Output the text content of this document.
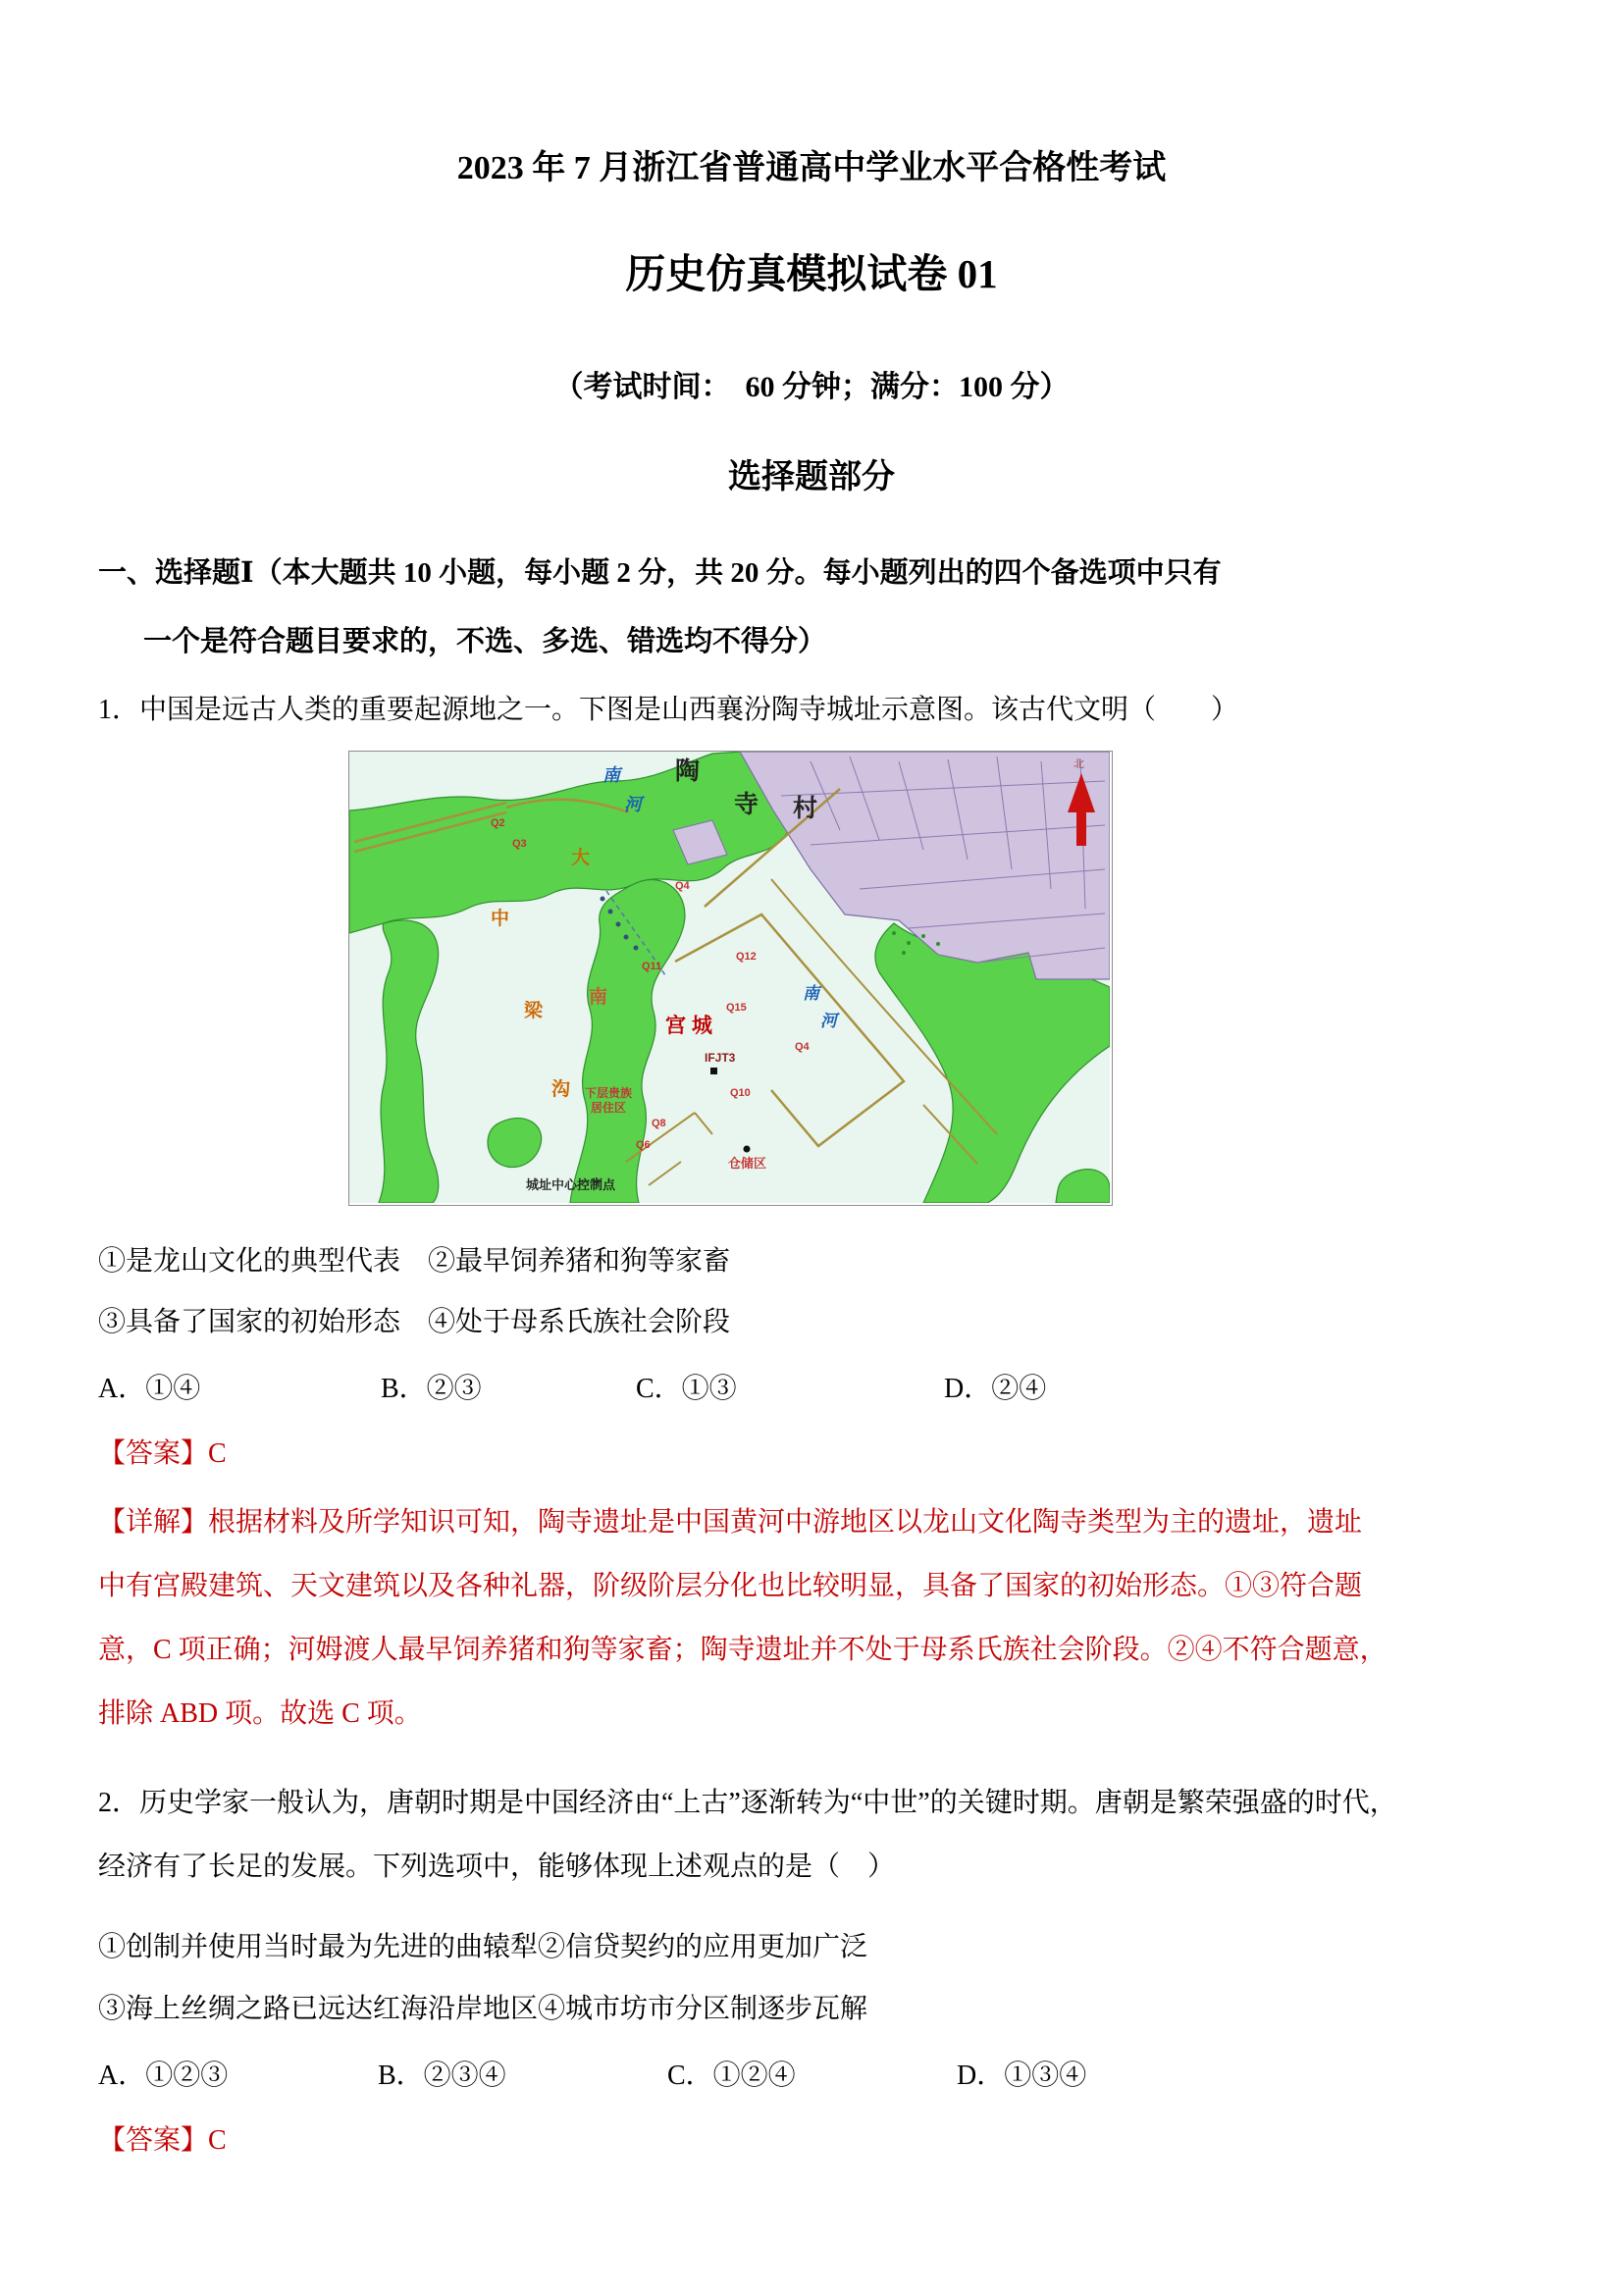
2023 年 7 月浙江省普通高中学业水平合格性考试
历史仿真模拟试卷 01
（考试时间：　60 分钟；满分：100 分）
选择题部分
一、选择题Ⅰ（本大题共 10 小题，每小题 2 分，共 20 分。每小题列出的四个备选项中只有
一个是符合题目要求的，不选、多选、错选均不得分）
1．中国是远古人类的重要起源地之一。下图是山西襄汾陶寺城址示意图。该古代文明（　　）
北
南
河
陶
寺 村
Q2
Q3
大
Q4
中
Q11
Q12
梁
南	Q15
宫 城
南
河
Q4
IFJT3
沟 下层贵族
居住区
Q10
Q8
Q6
仓储区
城址中心控制点
①是龙山文化的典型代表　②最早饲养猪和狗等家畜
③具备了国家的初始形态　④处于母系氏族社会阶段
A．①④	B．②③	C．①③	D．②④
【答案】C
【详解】根据材料及所学知识可知，陶寺遗址是中国黄河中游地区以龙山文化陶寺类型为主的遗址，遗址
中有宫殿建筑、天文建筑以及各种礼器，阶级阶层分化也比较明显，具备了国家的初始形态。①③符合题
意，C 项正确；河姆渡人最早饲养猪和狗等家畜；陶寺遗址并不处于母系氏族社会阶段。②④不符合题意，
排除 ABD 项。故选 C 项。
2．历史学家一般认为，唐朝时期是中国经济由“上古”逐渐转为“中世”的关键时期。唐朝是繁荣强盛的时代，
经济有了长足的发展。下列选项中，能够体现上述观点的是（　）
①创制并使用当时最为先进的曲辕犁②信贷契约的应用更加广泛
③海上丝绸之路已远达红海沿岸地区④城市坊市分区制逐步瓦解
A．①②③	B．②③④	C．①②④	D．①③④
【答案】C
